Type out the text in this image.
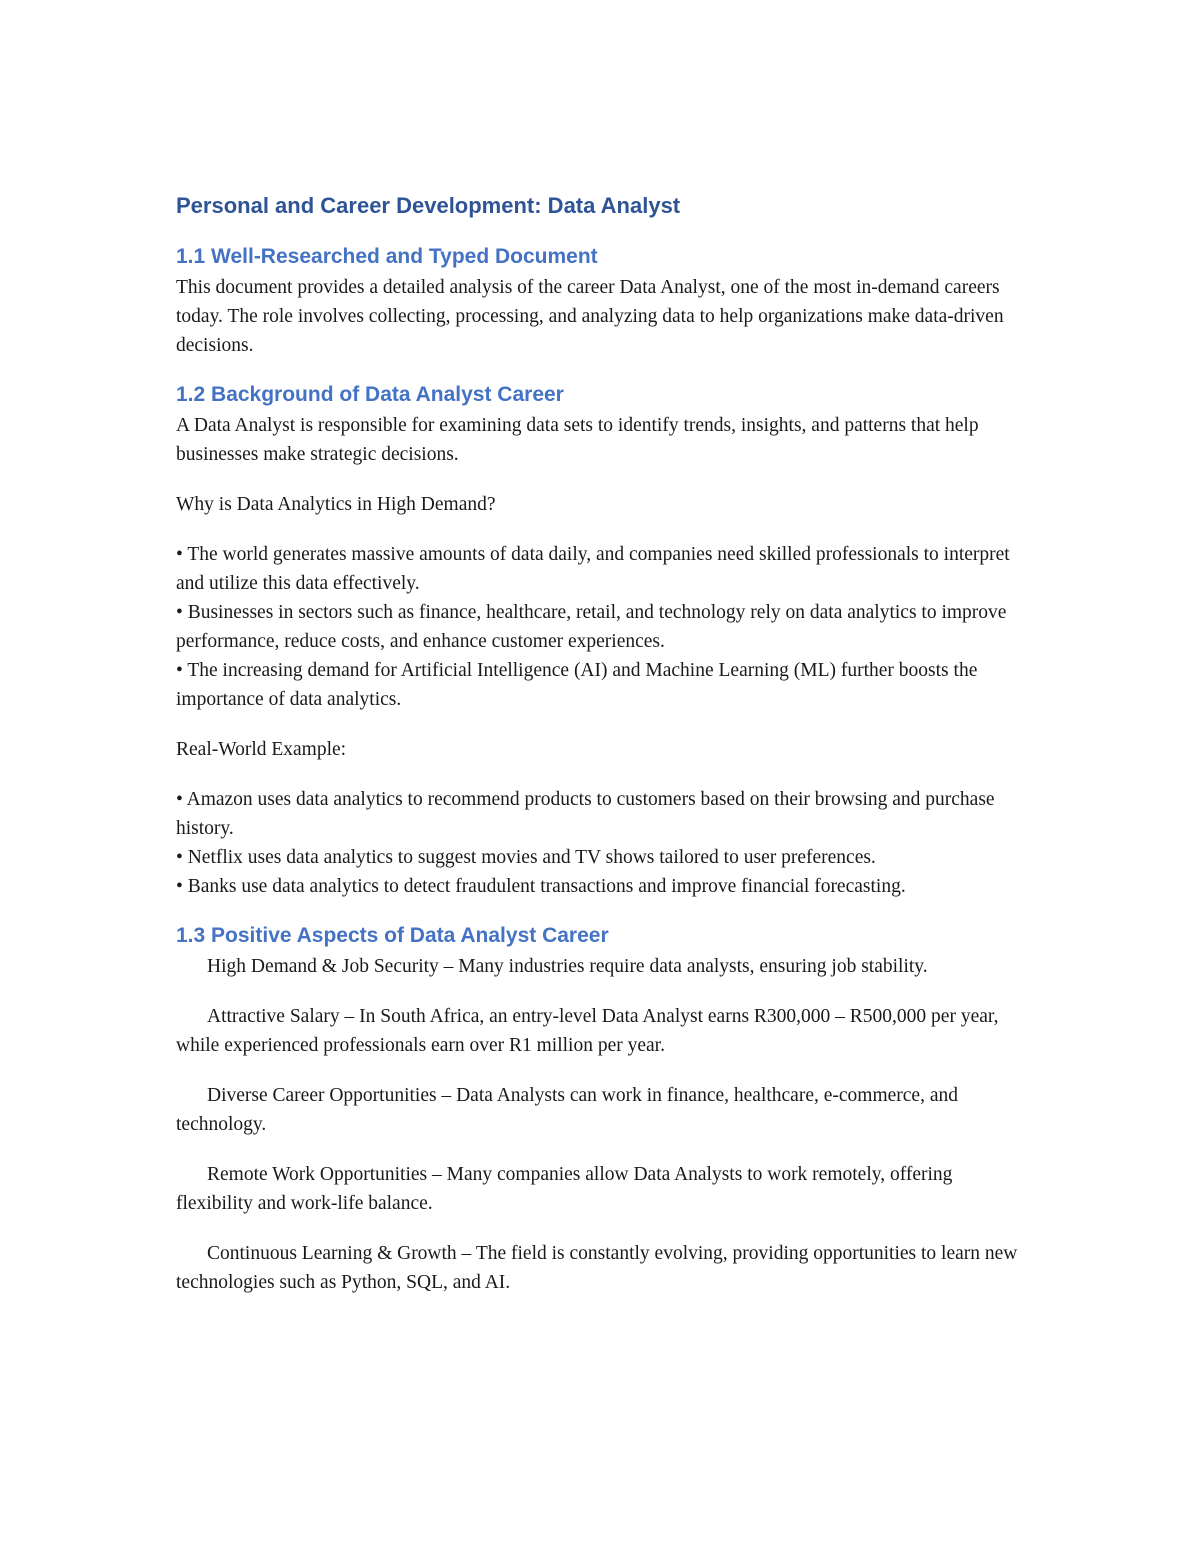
Personal and Career Development: Data Analyst
1.1 Well-Researched and Typed Document

This document provides a detailed analysis of the career Data Analyst, one of the most in-demand careers today. The role involves collecting, processing, and analyzing data to help organizations make data-driven decisions.

1.2 Background of Data Analyst Career

A Data Analyst is responsible for examining data sets to identify trends, insights, and patterns that help businesses make strategic decisions.

Why is Data Analytics in High Demand?

• The world generates massive amounts of data daily, and companies need skilled professionals to interpret and utilize this data effectively.
• Businesses in sectors such as finance, healthcare, retail, and technology rely on data analytics to improve performance, reduce costs, and enhance customer experiences.
• The increasing demand for Artificial Intelligence (AI) and Machine Learning (ML) further boosts the importance of data analytics.

Real-World Example:

• Amazon uses data analytics to recommend products to customers based on their browsing and purchase history.
• Netflix uses data analytics to suggest movies and TV shows tailored to user preferences.
• Banks use data analytics to detect fraudulent transactions and improve financial forecasting.
1.3 Positive Aspects of Data Analyst Career

High Demand & Job Security – Many industries require data analysts, ensuring job stability.

Attractive Salary – In South Africa, an entry-level Data Analyst earns R300,000 – R500,000 per year, while experienced professionals earn over R1 million per year.

Diverse Career Opportunities – Data Analysts can work in finance, healthcare, e-commerce, and technology.

Remote Work Opportunities – Many companies allow Data Analysts to work remotely, offering flexibility and work-life balance.

Continuous Learning & Growth – The field is constantly evolving, providing opportunities to learn new technologies such as Python, SQL, and AI.
